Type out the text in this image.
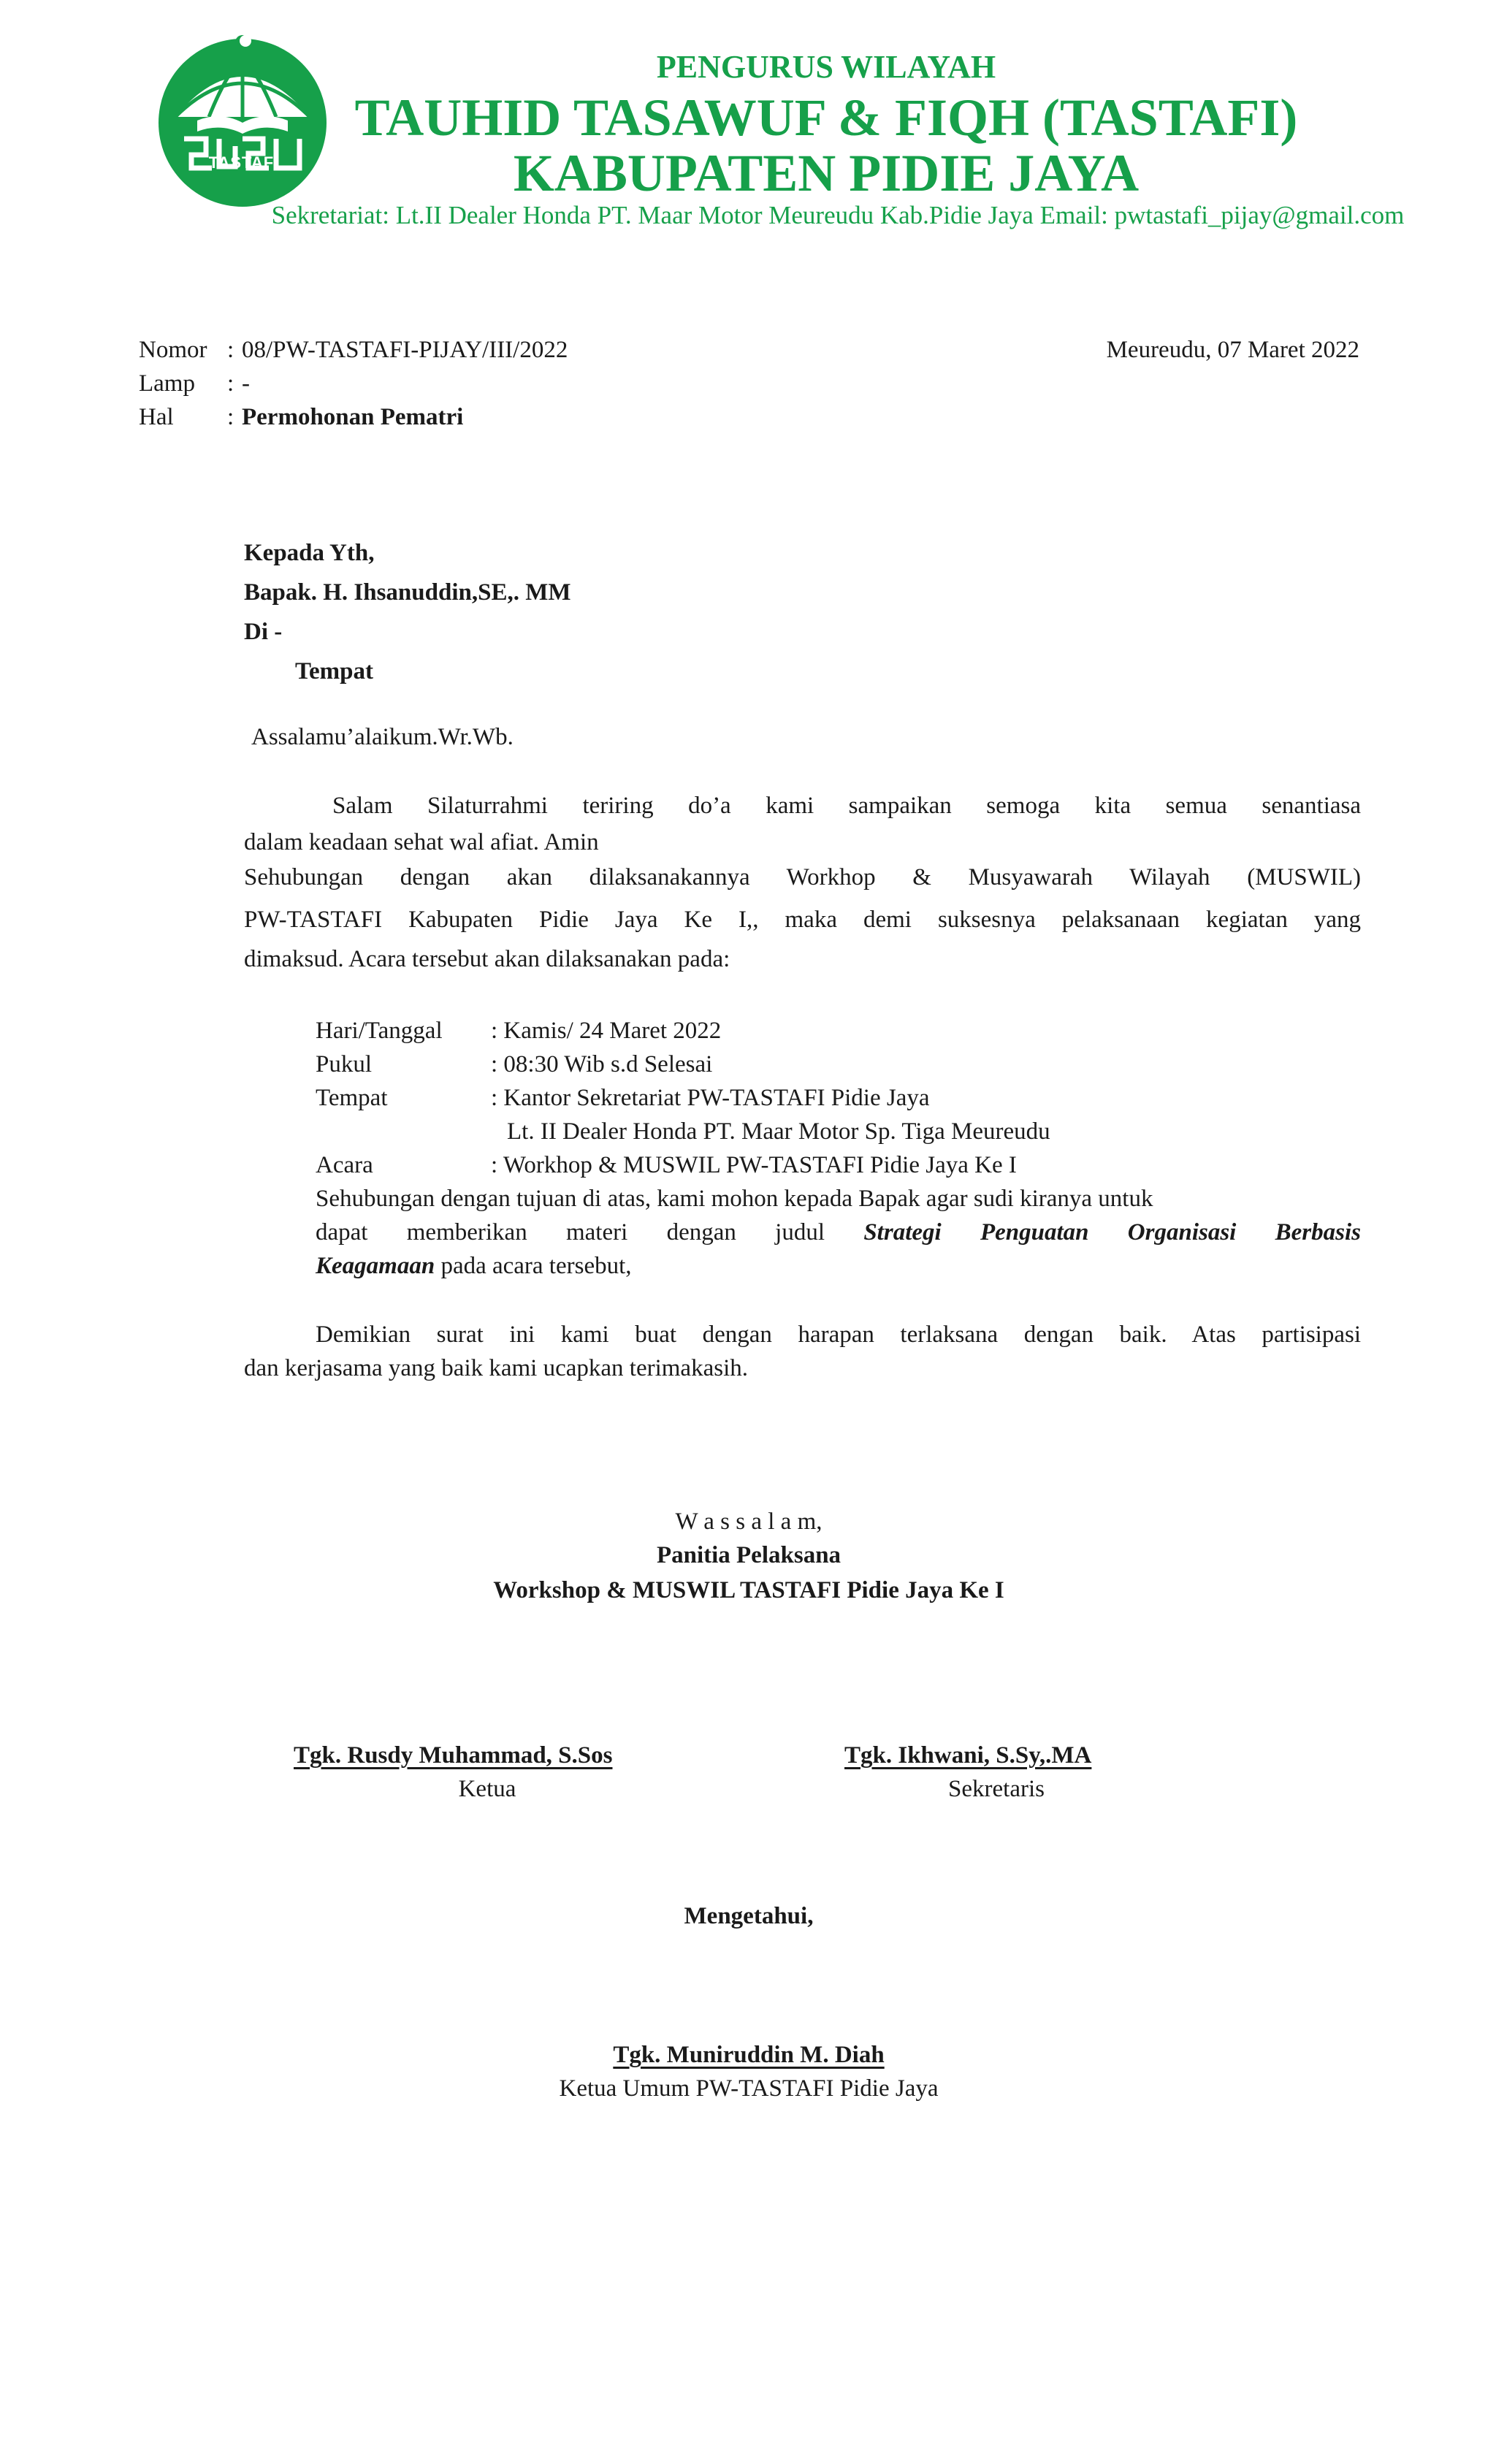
TASTAFI
PENGURUS WILAYAH
TAUHID TASAWUF & FIQH (TASTAFI)
KABUPATEN PIDIE JAYA
Sekretariat: Lt.II Dealer Honda PT. Maar Motor Meureudu Kab.Pidie Jaya Email: pwtastafi_pijay@gmail.com
Nomor : 08/PW-TASTAFI-PIJAY/III/2022	Meureudu, 07 Maret 2022
Lamp : -
Hal : Permohonan Pematri
Kepada Yth,
Bapak. H. Ihsanuddin,SE,. MM
Di -
Tempat
Assalamu’alaikum.Wr.Wb.
Salam Silaturrahmi teriring do’a kami sampaikan semoga kita semua senantiasa
dalam keadaan sehat wal afiat. Amin
Sehubungan dengan akan dilaksanakannya Workhop & Musyawarah Wilayah (MUSWIL)
PW-TASTAFI Kabupaten Pidie Jaya Ke I,, maka demi suksesnya pelaksanaan kegiatan yang
dimaksud. Acara tersebut akan dilaksanakan pada:
Hari/Tanggal : Kamis/ 24 Maret 2022
Pukul	: 08:30 Wib s.d Selesai
Tempat	: Kantor Sekretariat PW-TASTAFI Pidie Jaya
Lt. II Dealer Honda PT. Maar Motor Sp. Tiga Meureudu
Acara	: Workhop & MUSWIL PW-TASTAFI Pidie Jaya Ke I
Sehubungan dengan tujuan di atas, kami mohon kepada Bapak agar sudi kiranya untuk
dapat memberikan materi dengan judul Strategi Penguatan Organisasi Berbasis
Keagamaan pada acara tersebut,
Demikian surat ini kami buat dengan harapan terlaksana dengan baik. Atas partisipasi
dan kerjasama yang baik kami ucapkan terimakasih.
W a s s a l a m,
Panitia Pelaksana
Workshop & MUSWIL TASTAFI Pidie Jaya Ke I
Tgk. Rusdy Muhammad, S.Sos
Ketua
Tgk. Ikhwani, S.Sy,.MA
Sekretaris
Mengetahui,
Tgk. Muniruddin M. Diah
Ketua Umum PW-TASTAFI Pidie Jaya
